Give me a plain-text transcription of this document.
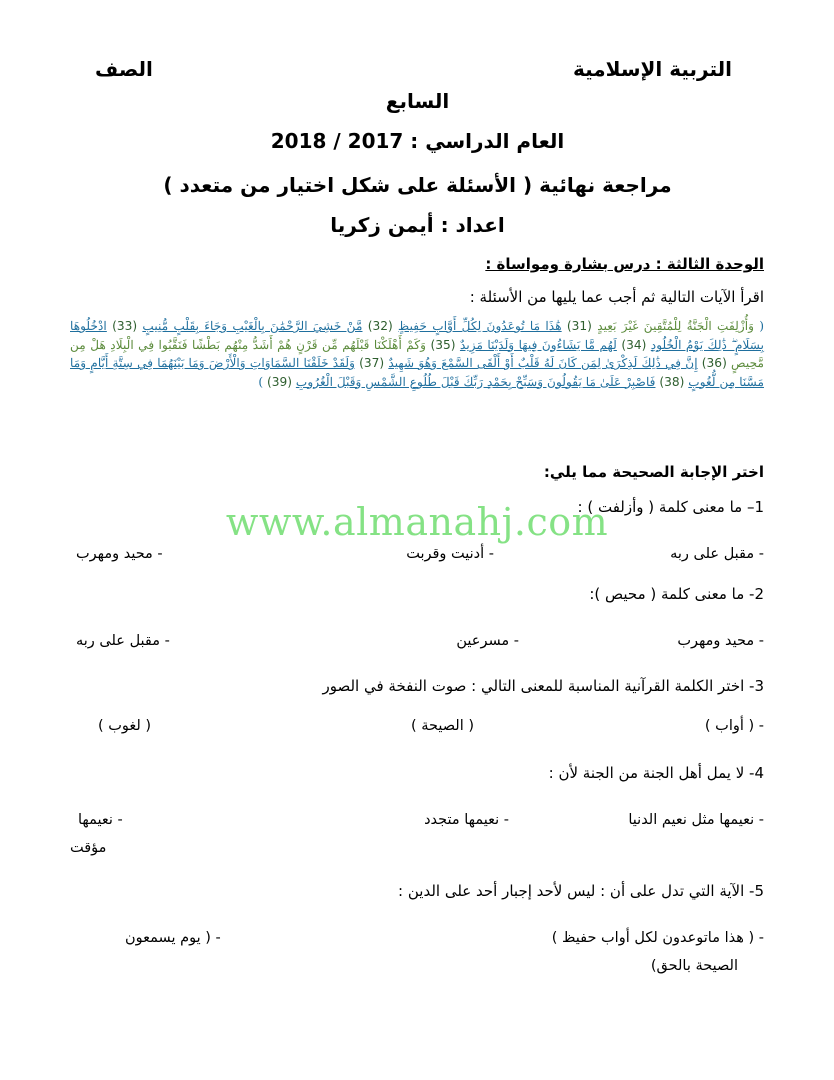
التربية الإسلامية
الصف
السابع
العام الدراسي : 2017 / 2018
مراجعة نهائية ( الأسئلة على شكل اختيار من متعدد )
اعداد : أيمن زكريا
الوحدة الثالثة : درس بشارة ومواساة :
اقرأ الآيات التالية ثم أجب عما يليها من الأسئلة :
( وَأُزْلِفَتِ الْجَنَّةُ لِلْمُتَّقِينَ غَيْرَ بَعِيدٍ (31) هَٰذَا مَا تُوعَدُونَ لِكُلِّ أَوَّابٍ حَفِيظٍ (32) مَّنْ خَشِيَ الرَّحْمَٰنَ بِالْغَيْبِ وَجَاءَ بِقَلْبٍ مُّنِيبٍ (33) ادْخُلُوهَا بِسَلَامٍ ۖ ذَٰلِكَ يَوْمُ الْخُلُودِ (34) لَهُم مَّا يَشَاءُونَ فِيهَا وَلَدَيْنَا مَزِيدٌ (35) وَكَمْ أَهْلَكْنَا قَبْلَهُم مِّن قَرْنٍ هُمْ أَشَدُّ مِنْهُم بَطْشًا فَنَقَّبُوا فِي الْبِلَادِ هَلْ مِن مَّحِيصٍ (36) إِنَّ فِي ذَٰلِكَ لَذِكْرَىٰ لِمَن كَانَ لَهُ قَلْبٌ أَوْ أَلْقَى السَّمْعَ وَهُوَ شَهِيدٌ (37) وَلَقَدْ خَلَقْنَا السَّمَاوَاتِ وَالْأَرْضَ وَمَا بَيْنَهُمَا فِي سِتَّةِ أَيَّامٍ وَمَا مَسَّنَا مِن لُّغُوبٍ (38) فَاصْبِرْ عَلَىٰ مَا يَقُولُونَ وَسَبِّحْ بِحَمْدِ رَبِّكَ قَبْلَ طُلُوعِ الشَّمْسِ وَقَبْلَ الْغُرُوبِ (39) )
اختر الإجابة الصحيحة مما يلي:
1– ما معنى كلمة ( وأزلفت ) :
- مقبل على ربه
- أدنيت وقربت
- محيد ومهرب
2- ما معنى كلمة ( محيص ):
- محيد ومهرب
- مسرعين
- مقبل على ربه
3- اختر الكلمة القرآنية المناسبة للمعنى التالي : صوت النفخة في الصور
- ( أواب )
( الصيحة )
( لغوب )
4- لا يمل أهل الجنة من الجنة لأن :
- نعيمها مثل نعيم الدنيا
- نعيمها متجدد
- نعيمها
مؤقت
5- الآية التي تدل على أن : ليس لأحد إجبار أحد على الدين :
- ( هذا ماتوعدون لكل أواب حفيظ )
- ( يوم يسمعون
الصيحة بالحق)
www.almanahj.com
